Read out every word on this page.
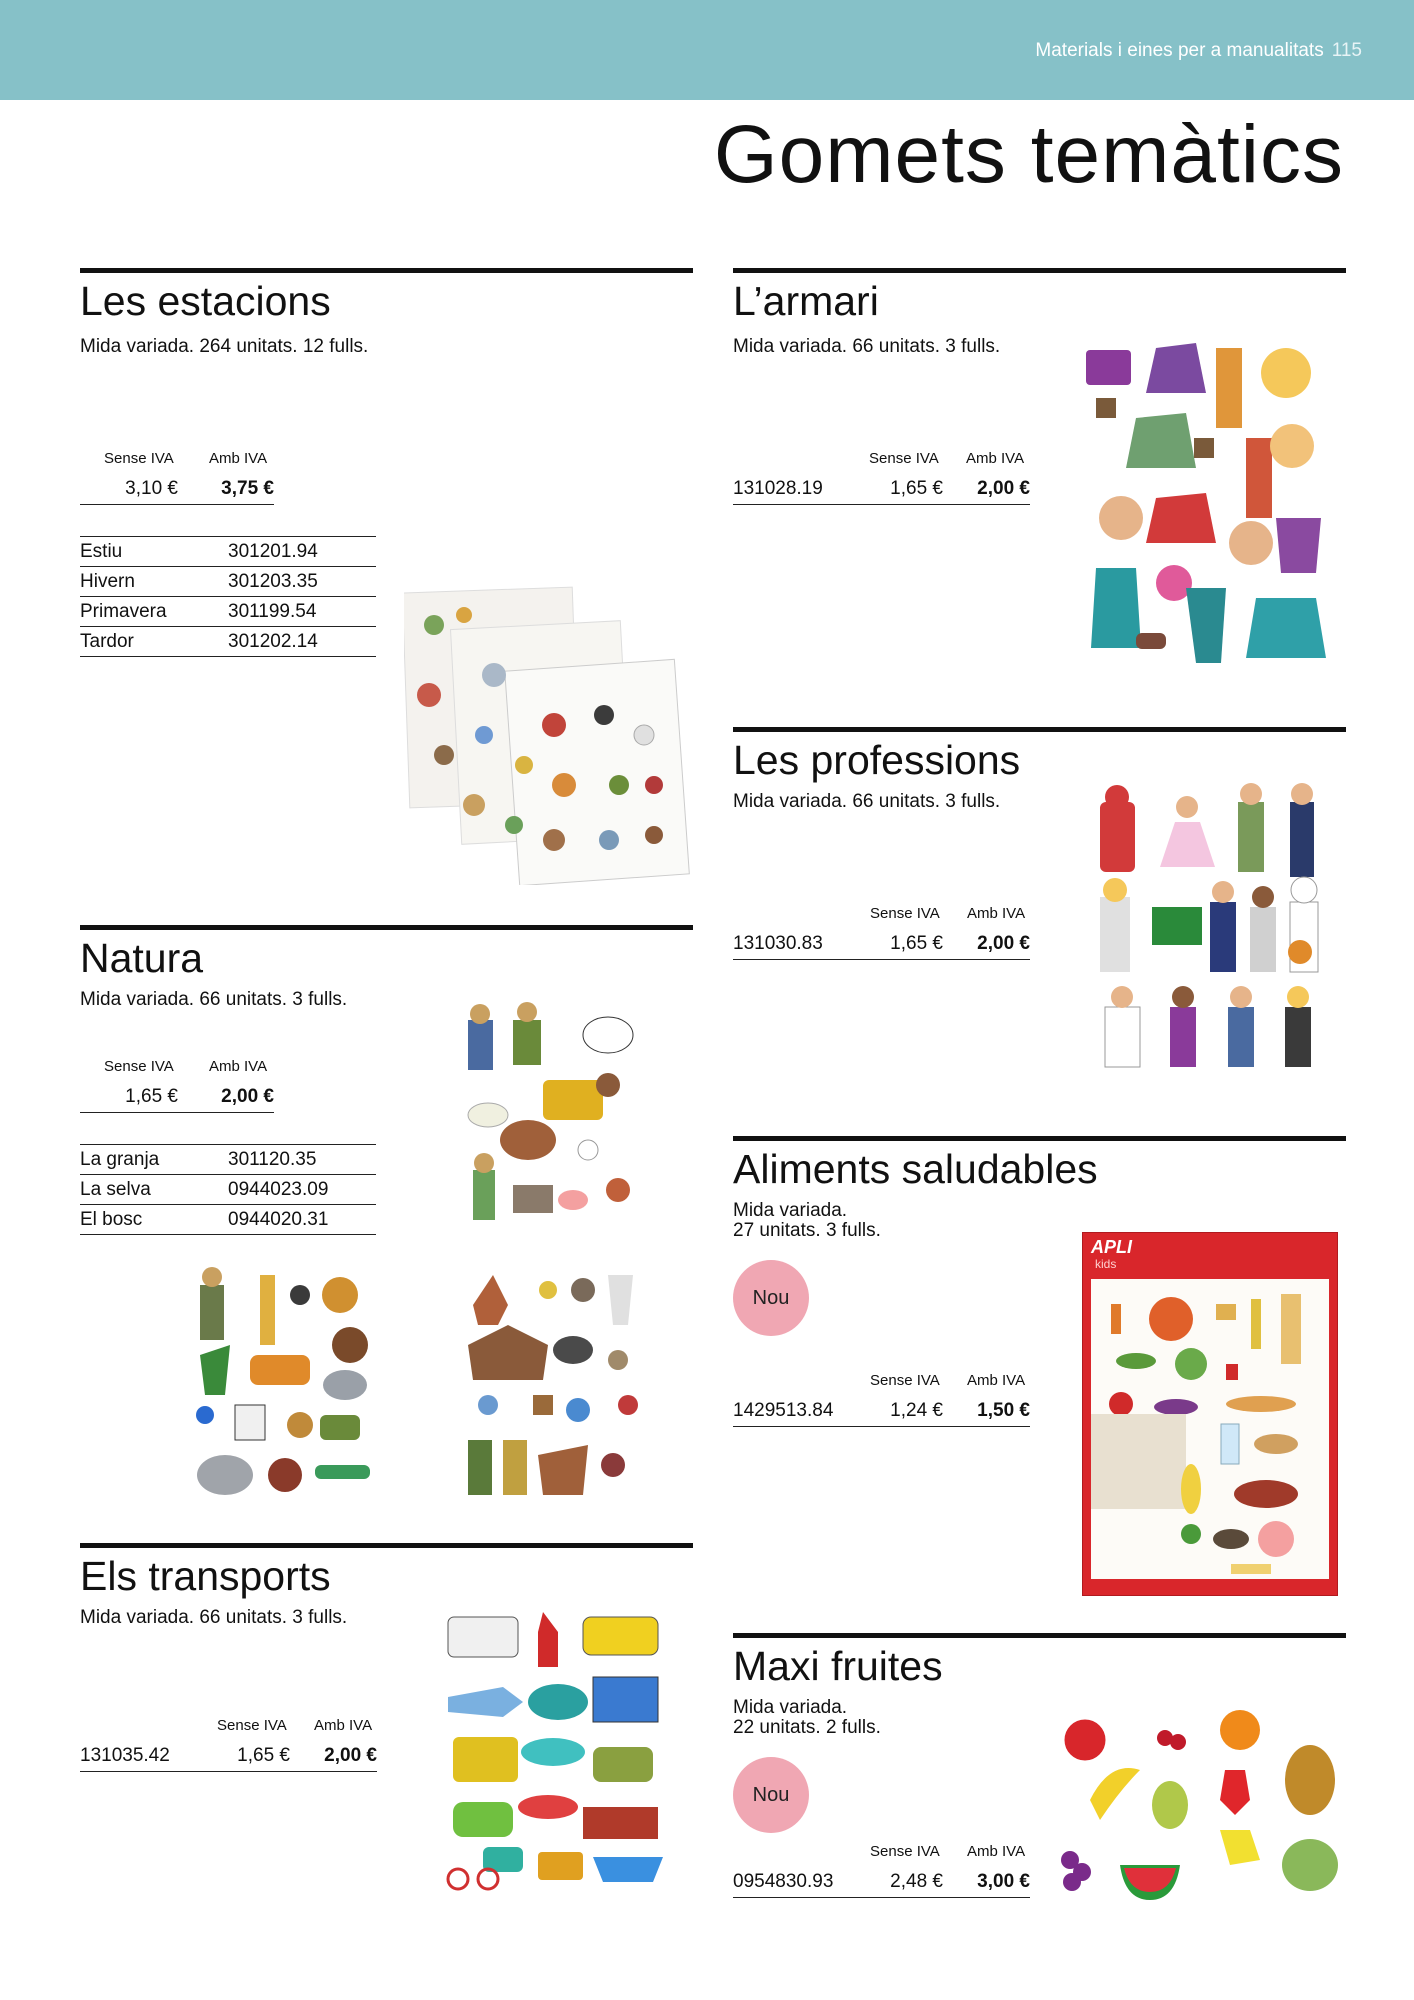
Materials i eines per a manualitats 115
Gomets temàtics
Les estacions
Mida variada. 264 unitats. 12 fulls.
Sense IVA Amb IVA
3,10 € 3,75 €
Estiu	301201.94
Hivern	301203.35
Primavera	301199.54
Tardor	301202.14
L’armari
Mida variada. 66 unitats. 3 fulls.
Sense IVA Amb IVA
131028.19	1,65 € 2,00 €
Les professions
Mida variada. 66 unitats. 3 fulls.
Sense IVA Amb IVA
131030.83	1,65 € 2,00 €
Natura
Mida variada. 66 unitats. 3 fulls.
Sense IVA Amb IVA
1,65 € 2,00 €
La granja	301120.35
La selva	0944023.09
El bosc	0944020.31
Aliments saludables
Mida variada.
27 unitats. 3 fulls.
Nou
Sense IVA Amb IVA
1429513.84	1,24 € 1,50 €
APLI
kids
Els transports
Mida variada. 66 unitats. 3 fulls.
Sense IVA Amb IVA
131035.42	1,65 € 2,00 €
Maxi fruites
Mida variada.
22 unitats. 2 fulls.
Nou
Sense IVA Amb IVA
0954830.93	2,48 € 3,00 €
